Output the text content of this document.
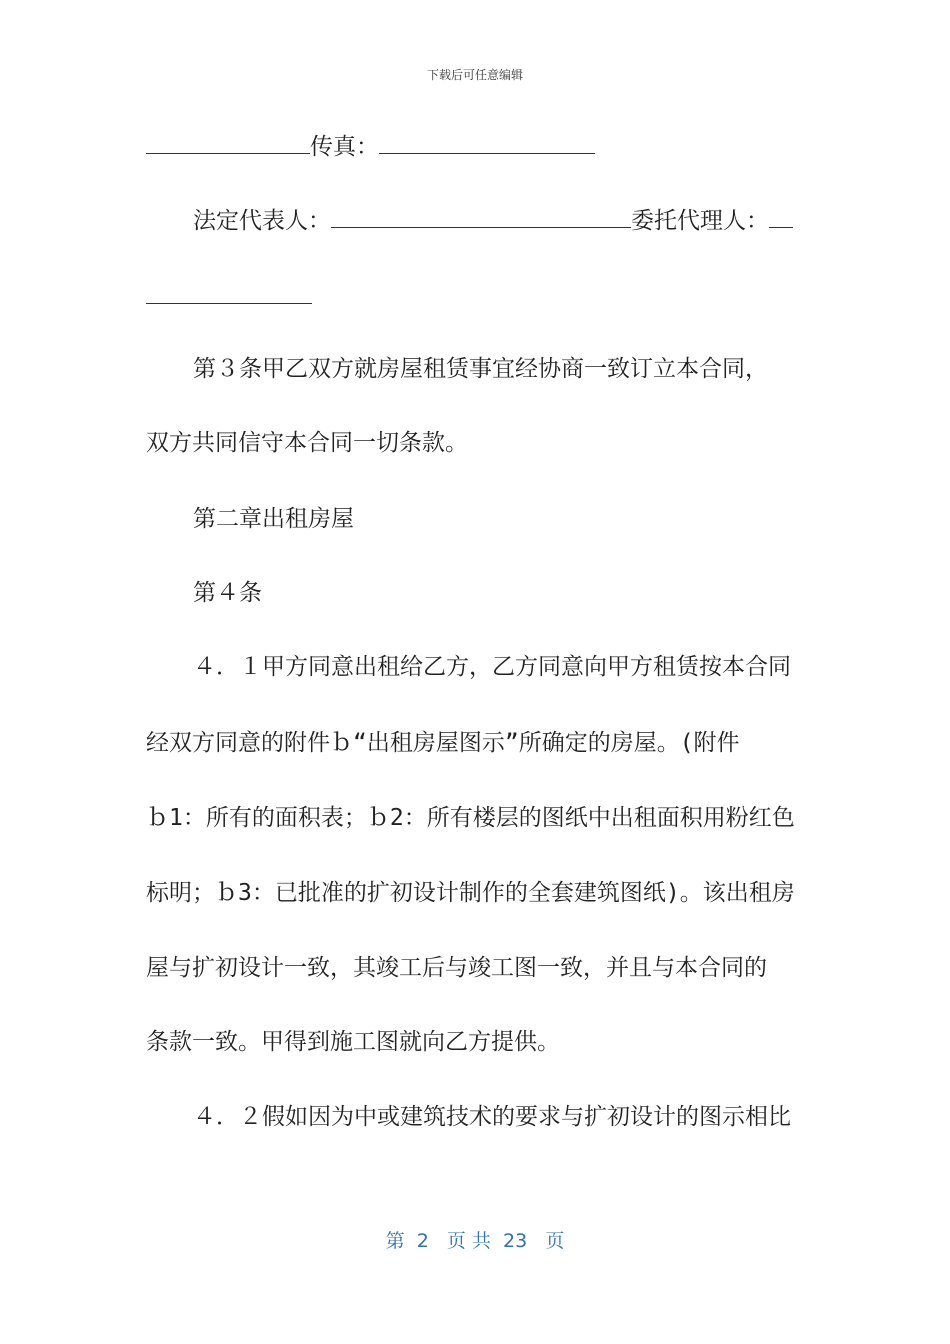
下载后可任意编辑
传真：
法定代表人：	委托代理人：
第３条甲乙双方就房屋租赁事宜经协商一致订立本合同，
双方共同信守本合同一切条款。
第二章出租房屋
第４条
４．１甲方同意出租给乙方，乙方同意向甲方租赁按本合同
经双方同意的附件ｂ“出租房屋图示”所确定的房屋。(附件
ｂ1：所有的面积表；ｂ2：所有楼层的图纸中出租面积用粉红色
标明；ｂ3：已批准的扩初设计制作的全套建筑图纸)。该出租房
屋与扩初设计一致，其竣工后与竣工图一致，并且与本合同的
条款一致。甲得到施工图就向乙方提供。
４．２假如因为中或建筑技术的要求与扩初设计的图示相比
第  2   页 共  23   页
